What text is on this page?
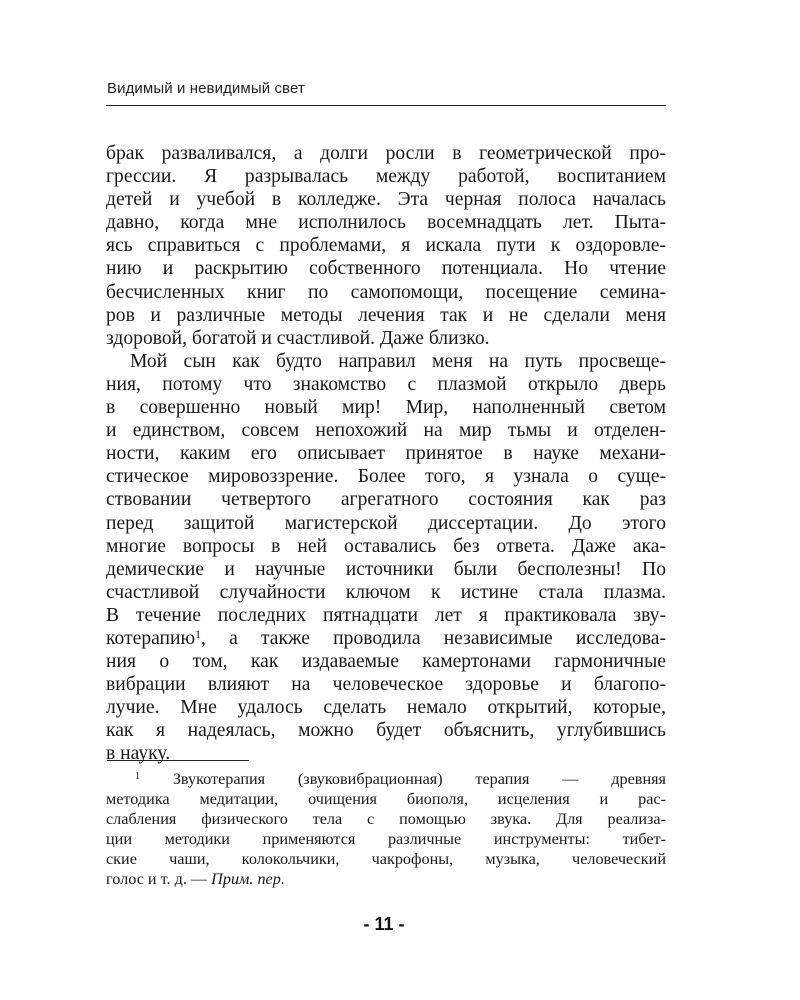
Видимый и невидимый свет
брак разваливался, а долги росли в геометрической про-
грессии. Я разрывалась между работой, воспитанием
детей и учебой в колледже. Эта черная полоса началась
давно, когда мне исполнилось восемнадцать лет. Пыта-
ясь справиться с проблемами, я искала пути к оздоровле-
нию и раскрытию собственного потенциала. Но чтение
бесчисленных книг по самопомощи, посещение семина-
ров и различные методы лечения так и не сделали меня
здоровой, богатой и счастливой. Даже близко.
Мой сын как будто направил меня на путь просвеще-
ния, потому что знакомство с плазмой открыло дверь
в совершенно новый мир! Мир, наполненный светом
и единством, совсем непохожий на мир тьмы и отделен-
ности, каким его описывает принятое в науке механи-
стическое мировоззрение. Более того, я узнала о суще-
ствовании четвертого агрегатного состояния как раз
перед защитой магистерской диссертации. До этого
многие вопросы в ней оставались без ответа. Даже ака-
демические и научные источники были бесполезны! По
счастливой случайности ключом к истине стала плазма.
В течение последних пятнадцати лет я практиковала зву-
котерапию$^1$, а также проводила независимые исследова-
ния о том, как издаваемые камертонами гармоничные
вибрации влияют на человеческое здоровье и благопо-
лучие. Мне удалось сделать немало открытий, которые,
как я надеялась, можно будет объяснить, углубившись
в науку.
$^1$ Звукотерапия (звуковибрационная) терапия — древняя
методика медитации, очищения биополя, исцеления и рас-
слабления физического тела с помощью звука. Для реализа-
ции методики применяются различные инструменты: тибет-
ские чаши, колокольчики, чакрофоны, музыка, человеческий
голос и т. д. — Прим. пер.
- 11 -
